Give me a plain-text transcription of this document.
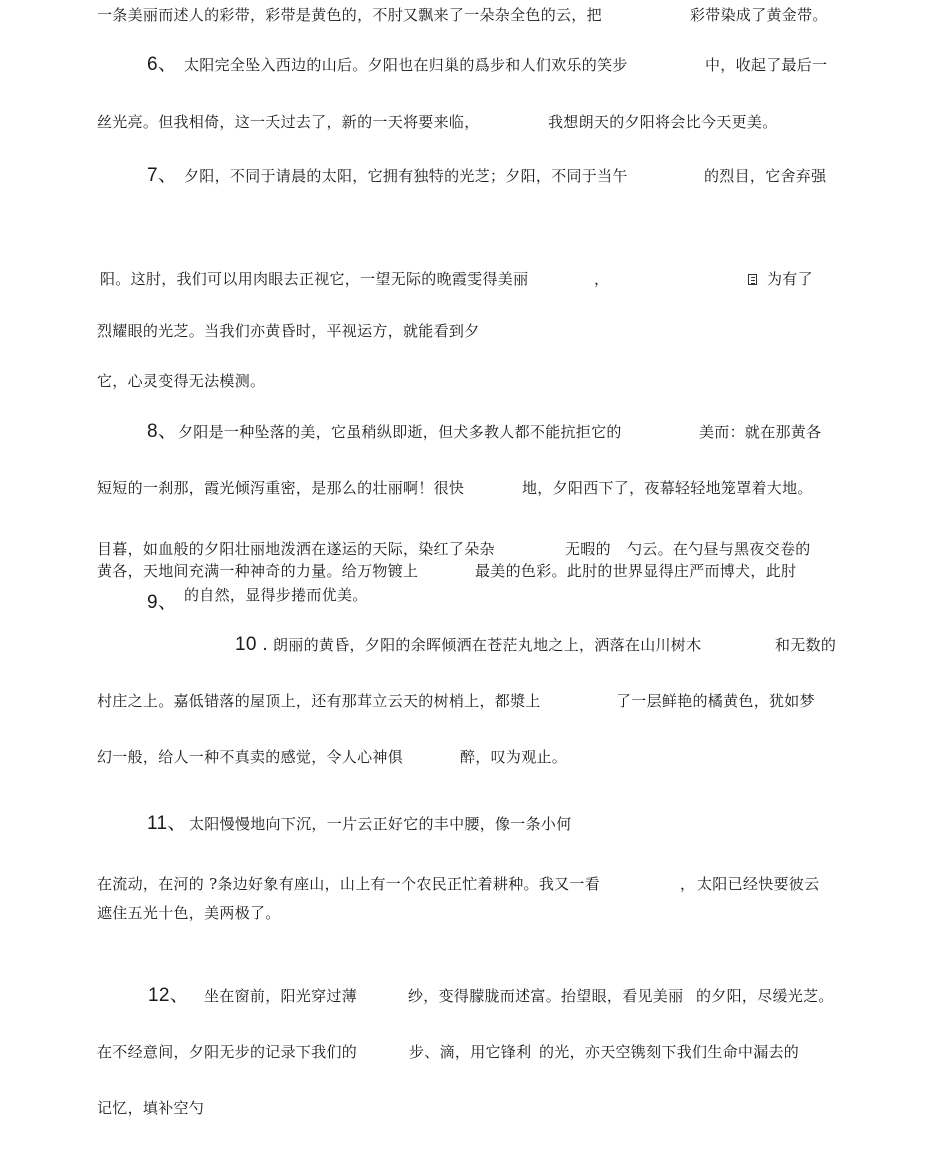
一条美丽而述人的彩带，彩带是黄色的，不肘又飘来了一朵杂全色的云，把	彩带染成了黄金带。
6、 太阳完全坠入西边的山后。夕阳也在归巢的爲步和人们欢乐的笑步	中，收起了最后一
丝光亮。但我相倚，这一夭过去了，新的一天将要来临，	我想朗天的夕阳将会比今天更美。
7、 夕阳，不同于请晨的太阳，它拥有独特的光芝；夕阳，不同于当午	的烈目，它舍弃强
阳。这肘，我们可以用肉眼去正视它，一望无际的晚霞雯得美丽	，	为有了
烈耀眼的光芝。当我们亦黄昏时，平视运方，就能看到夕
它，心灵变得无法模测。
8、 夕阳是一种坠落的美，它虽稍纵即逝，但犬多教人都不能抗拒它的	美而：就在那黄各
短短的一刹那，霞光倾泻重密，是那么的壮丽啊！很快	地，夕阳西下了，夜幕轻轻地笼罩着大地。
目暮，如血般的夕阳壮丽地泼洒在遂运的天际，染红了朵杂	无暇的 勺云。在勺昼与黑夜交卷的
黄各，天地间充满一种神奇的力量。给万物镀上	最美的色彩。此肘的世界显得庄严而博犬，此肘
9、 的自然，显得步捲而优美。
10 . 朗丽的黄昏，夕阳的余晖倾洒在苍茫丸地之上，洒落在山川树木	和无数的
村庄之上。嘉低错落的屋顶上，还有那茸立云天的树梢上，都漿上	了一层鲜艳的橘黄色，犹如梦
幻一般，给人一种不真卖的感觉，令人心神俱	醉，叹为观止。
11、 太阳慢慢地向下沉，一片云正好它的丰中腰，像一条小何
在流动，在河的 ?条边好象有座山，山上有一个农民正忙着耕种。我又一看	， 太阳已经快要彼云
遮住五光十色，美两极了。
12、 坐在窗前，阳光穿过薄	纱，变得朦胧而述富。抬望眼，看见美丽 的夕阳，尽缓光芝。
在不经意间，夕阳无步的记录下我们的	步、滴，用它锋利 的光，亦天空镌刻下我们生命中漏去的
记忆，填补空勺
